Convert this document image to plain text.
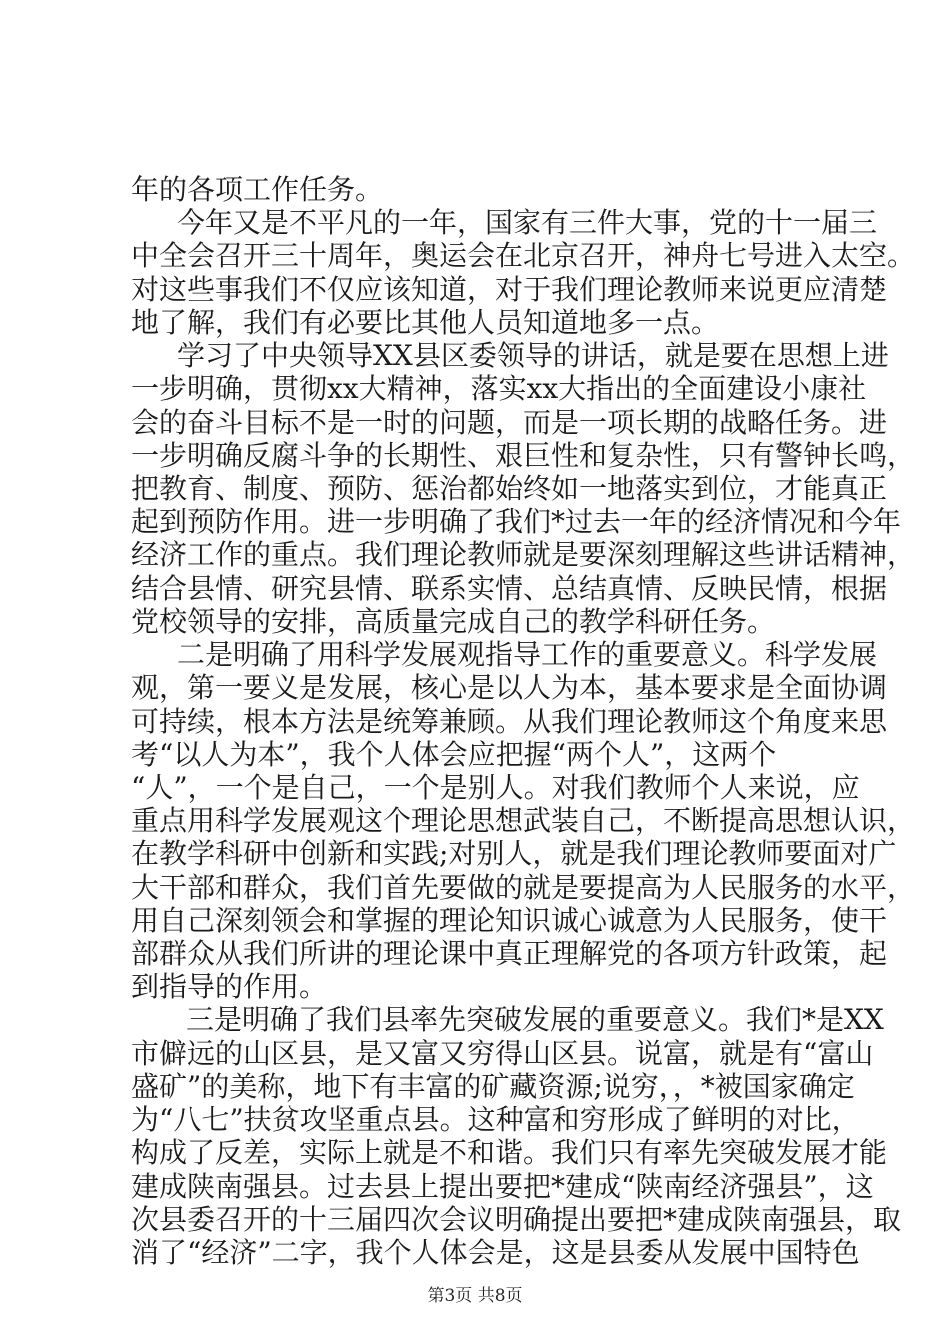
年的各项工作任务。
今年又是不平凡的一年，国家有三件大事，党的十一届三
中全会召开三十周年，奥运会在北京召开，神舟七号进入太空。
对这些事我们不仅应该知道，对于我们理论教师来说更应清楚
地了解，我们有必要比其他人员知道地多一点。
学习了中央领导XX县区委领导的讲话，就是要在思想上进
一步明确，贯彻xx大精神，落实xx大指出的全面建设小康社
会的奋斗目标不是一时的问题，而是一项长期的战略任务。进
一步明确反腐斗争的长期性、艰巨性和复杂性，只有警钟长鸣，
把教育、制度、预防、惩治都始终如一地落实到位，才能真正
起到预防作用。进一步明确了我们*过去一年的经济情况和今年
经济工作的重点。我们理论教师就是要深刻理解这些讲话精神，
结合县情、研究县情、联系实情、总结真情、反映民情，根据
党校领导的安排，高质量完成自己的教学科研任务。
二是明确了用科学发展观指导工作的重要意义。科学发展
观，第一要义是发展，核心是以人为本，基本要求是全面协调
可持续，根本方法是统筹兼顾。从我们理论教师这个角度来思
考“以人为本”，我个人体会应把握“两个人”，这两个
“人”，一个是自己，一个是别人。对我们教师个人来说，应
重点用科学发展观这个理论思想武装自己，不断提高思想认识，
在教学科研中创新和实践;对别人，就是我们理论教师要面对广
大干部和群众，我们首先要做的就是要提高为人民服务的水平，
用自己深刻领会和掌握的理论知识诚心诚意为人民服务，使干
部群众从我们所讲的理论课中真正理解党的各项方针政策，起
到指导的作用。
三是明确了我们县率先突破发展的重要意义。我们*是XX
市僻远的山区县，是又富又穷得山区县。说富，就是有“富山
盛矿”的美称，地下有丰富的矿藏资源;说穷，，*被国家确定
为“八七”扶贫攻坚重点县。这种富和穷形成了鲜明的对比，
构成了反差，实际上就是不和谐。我们只有率先突破发展才能
建成陕南强县。过去县上提出要把*建成“陕南经济强县”，这
次县委召开的十三届四次会议明确提出要把*建成陕南强县，取
消了“经济”二字，我个人体会是，这是县委从发展中国特色
第3页 共8页
